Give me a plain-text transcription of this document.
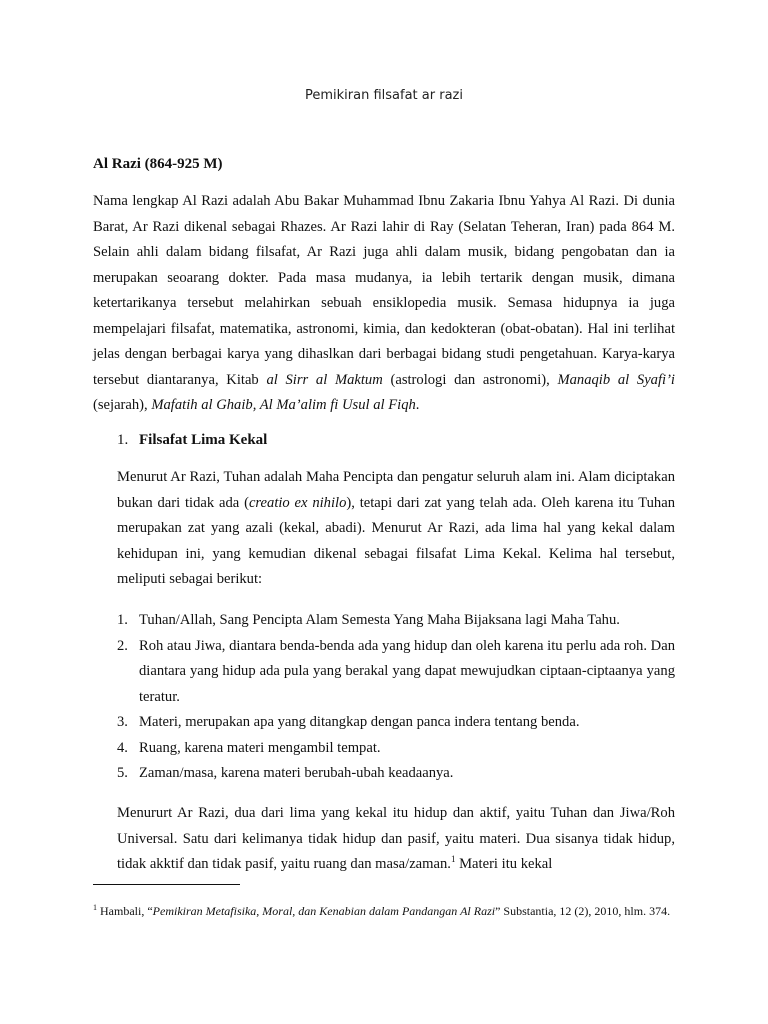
Pemikiran filsafat ar razi
Al Razi (864-925 M)

Nama lengkap Al Razi adalah Abu Bakar Muhammad Ibnu Zakaria Ibnu Yahya Al Razi. Di dunia Barat, Ar Razi dikenal sebagai Rhazes. Ar Razi lahir di Ray (Selatan Teheran, Iran) pada 864 M. Selain ahli dalam bidang filsafat, Ar Razi juga ahli dalam musik, bidang pengobatan dan ia merupakan seoarang dokter. Pada masa mudanya, ia lebih tertarik dengan musik, dimana ketertarikanya tersebut melahirkan sebuah ensiklopedia musik. Semasa hidupnya ia juga mempelajari filsafat, matematika, astronomi, kimia, dan kedokteran (obat-obatan). Hal ini terlihat jelas dengan berbagai karya yang dihaslkan dari berbagai bidang studi pengetahuan. Karya-karya tersebut diantaranya, Kitab al Sirr al Maktum (astrologi dan astronomi), Manaqib al Syafi’i (sejarah), Mafatih al Ghaib, Al Ma’alim fi Usul al Fiqh.

1. Filsafat Lima Kekal

Menurut Ar Razi, Tuhan adalah Maha Pencipta dan pengatur seluruh alam ini. Alam diciptakan bukan dari tidak ada (creatio ex nihilo), tetapi dari zat yang telah ada. Oleh karena itu Tuhan merupakan zat yang azali (kekal, abadi). Menurut Ar Razi, ada lima hal yang kekal dalam kehidupan ini, yang kemudian dikenal sebagai filsafat Lima Kekal. Kelima hal tersebut, meliputi sebagai berikut:

1. Tuhan/Allah, Sang Pencipta Alam Semesta Yang Maha Bijaksana lagi Maha Tahu.
2. Roh atau Jiwa, diantara benda-benda ada yang hidup dan oleh karena itu perlu ada roh. Dan diantara yang hidup ada pula yang berakal yang dapat mewujudkan ciptaan-ciptaanya yang teratur.
3. Materi, merupakan apa yang ditangkap dengan panca indera tentang benda.
4. Ruang, karena materi mengambil tempat.
5. Zaman/masa, karena materi berubah-ubah keadaanya.

Menururt Ar Razi, dua dari lima yang kekal itu hidup dan aktif, yaitu Tuhan dan Jiwa/Roh Universal. Satu dari kelimanya tidak hidup dan pasif, yaitu materi. Dua sisanya tidak hidup, tidak akktif dan tidak pasif, yaitu ruang dan masa/zaman.$^1$ Materi itu kekal

$^1$ Hambali, “Pemikiran Metafisika, Moral, dan Kenabian dalam Pandangan Al Razi” Substantia, 12 (2), 2010, hlm. 374.
